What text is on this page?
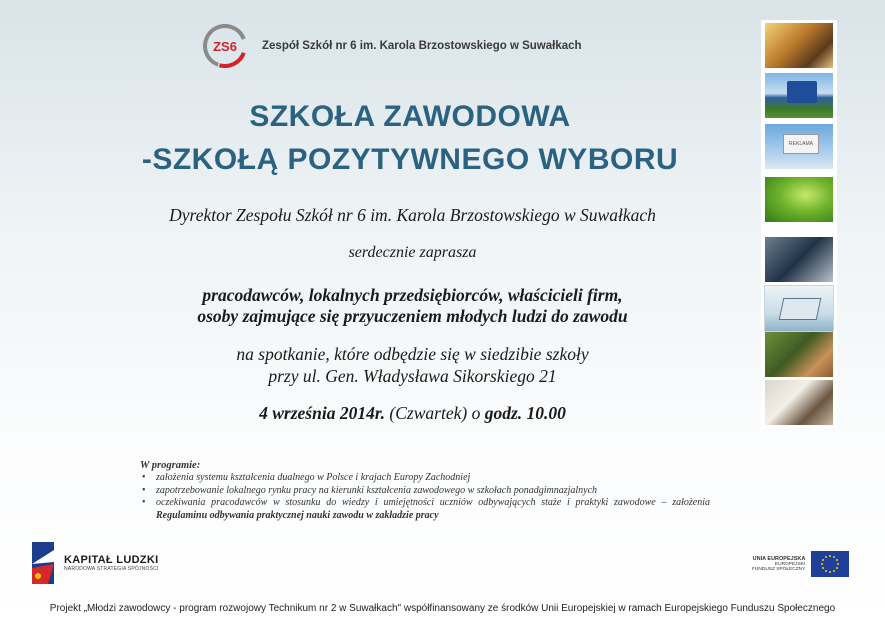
ZS6 Zespół Szkół nr 6 im. Karola Brzostowskiego w Suwałkach
SZKOŁA ZAWODOWA
-SZKOŁĄ POZYTYWNEGO WYBORU

Dyrektor Zespołu Szkół nr 6 im. Karola Brzostowskiego w Suwałkach

serdecznie zaprasza

pracodawców, lokalnych przedsiębiorców, właścicieli firm,

osoby zajmujące się przyuczeniem młodych ludzi do zawodu

na spotkanie, które odbędzie się w siedzibie szkoły

przy ul. Gen. Władysława Sikorskiego 21

4 września 2014r. (Czwartek) o godz. 10.00

W programie:
• założenia systemu kształcenia dualnego w Polsce i krajach Europy Zachodniej
• zapotrzebowanie lokalnego rynku pracy na kierunki kształcenia zawodowego w szkołach ponadgimnazjalnych
• oczekiwania pracodawców w stosunku do wiedzy i umiejętności uczniów odbywających staże i praktyki zawodowe – założenia Regulaminu odbywania praktycznej nauki zawodu w zakładzie pracy
REKLAMA
KAPITAŁ LUDZKI
NARODOWA STRATEGIA SPÓJNOŚCI
UNIA EUROPEJSKA
EUROPEJSKI
FUNDUSZ SPOŁECZNY

Projekt „Młodzi zawodowcy - program rozwojowy Technikum nr 2 w Suwałkach" współfinansowany ze środków Unii Europejskiej w ramach Europejskiego Funduszu Społecznego
